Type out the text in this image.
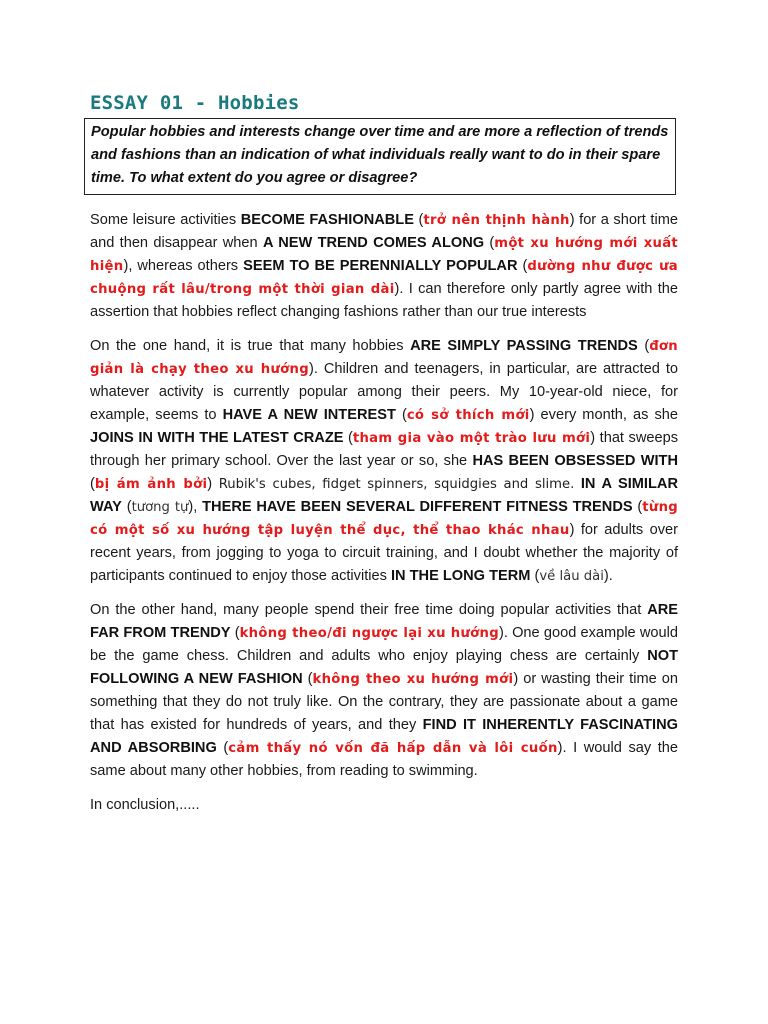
ESSAY 01 - Hobbies
Popular hobbies and interests change over time and are more a reflection of trends and fashions than an indication of what individuals really want to do in their spare time. To what extent do you agree or disagree?

Some leisure activities BECOME FASHIONABLE (trở nên thịnh hành) for a short time and then disappear when A NEW TREND COMES ALONG (một xu hướng mới xuất hiện), whereas others SEEM TO BE PERENNIALLY POPULAR (dường như được ưa chuộng rất lâu/trong một thời gian dài). I can therefore only partly agree with the assertion that hobbies reflect changing fashions rather than our true interests

On the one hand, it is true that many hobbies ARE SIMPLY PASSING TRENDS (đơn giản là chạy theo xu hướng). Children and teenagers, in particular, are attracted to whatever activity is currently popular among their peers. My 10-year-old niece, for example, seems to HAVE A NEW INTEREST (có sở thích mới) every month, as she JOINS IN WITH THE LATEST CRAZE (tham gia vào một trào lưu mới) that sweeps through her primary school. Over the last year or so, she HAS BEEN OBSESSED WITH (bị ám ảnh bởi) Rubik's cubes, fidget spinners, squidgies and slime. IN A SIMILAR WAY (tương tự), THERE HAVE BEEN SEVERAL DIFFERENT FITNESS TRENDS (từng có một số xu hướng tập luyện thể dục, thể thao khác nhau) for adults over recent years, from jogging to yoga to circuit training, and I doubt whether the majority of participants continued to enjoy those activities IN THE LONG TERM (về lâu dài).

On the other hand, many people spend their free time doing popular activities that ARE FAR FROM TRENDY (không theo/đi ngược lại xu hướng). One good example would be the game chess. Children and adults who enjoy playing chess are certainly NOT FOLLOWING A NEW FASHION (không theo xu hướng mới) or wasting their time on something that they do not truly like. On the contrary, they are passionate about a game that has existed for hundreds of years, and they FIND IT INHERENTLY FASCINATING AND ABSORBING (cảm thấy nó vốn đã hấp dẫn và lôi cuốn). I would say the same about many other hobbies, from reading to swimming.

In conclusion,.....
